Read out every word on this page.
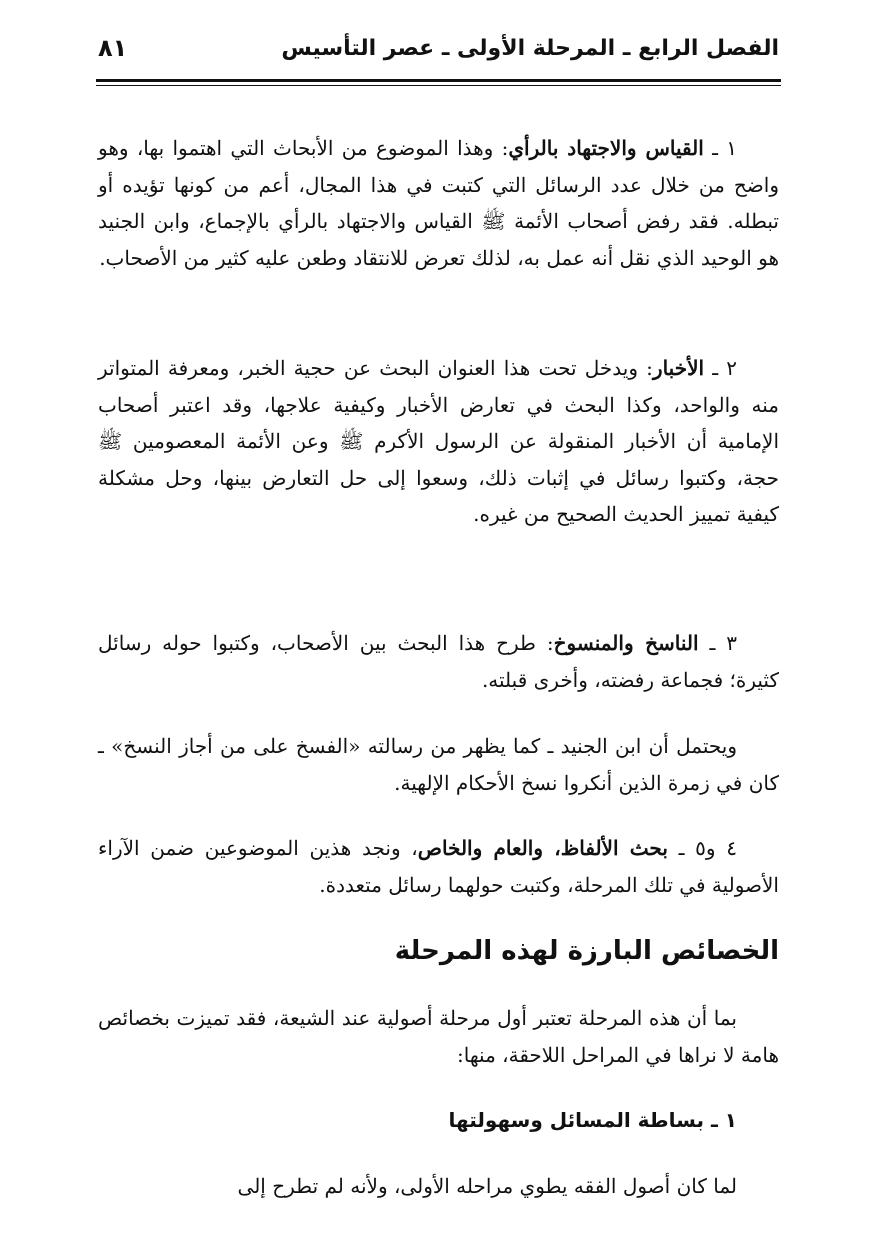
الفصل الرابع ـ المرحلة الأولى ـ عصر التأسيس
٨١

١ ـ القياس والاجتهاد بالرأي: وهذا الموضوع من الأبحاث التي اهتموا بها، وهو واضح من خلال عدد الرسائل التي كتبت في هذا المجال، أعم من كونها تؤيده أو تبطله. فقد رفض أصحاب الأئمة ﷺ القياس والاجتهاد بالرأي بالإجماع، وابن الجنيد هو الوحيد الذي نقل أنه عمل به، لذلك تعرض للانتقاد وطعن عليه كثير من الأصحاب.

٢ ـ الأخبار: ويدخل تحت هذا العنوان البحث عن حجية الخبر، ومعرفة المتواتر منه والواحد، وكذا البحث في تعارض الأخبار وكيفية علاجها، وقد اعتبر أصحاب الإمامية أن الأخبار المنقولة عن الرسول الأكرم ﷺ وعن الأئمة المعصومين ﷺ حجة، وكتبوا رسائل في إثبات ذلك، وسعوا إلى حل التعارض بينها، وحل مشكلة كيفية تمييز الحديث الصحيح من غيره.

٣ ـ الناسخ والمنسوخ: طرح هذا البحث بين الأصحاب، وكتبوا حوله رسائل كثيرة؛ فجماعة رفضته، وأخرى قبلته.

ويحتمل أن ابن الجنيد ـ كما يظهر من رسالته «الفسخ على من أجاز النسخ» ـ كان في زمرة الذين أنكروا نسخ الأحكام الإلهية.

٤ و٥ ـ بحث الألفاظ، والعام والخاص، ونجد هذين الموضوعين ضمن الآراء الأصولية في تلك المرحلة، وكتبت حولهما رسائل متعددة.

الخصائص البارزة لهذه المرحلة

بما أن هذه المرحلة تعتبر أول مرحلة أصولية عند الشيعة، فقد تميزت بخصائص هامة لا نراها في المراحل اللاحقة، منها:

١ ـ بساطة المسائل وسهولتها

لما كان أصول الفقه يطوي مراحله الأولى، ولأنه لم تطرح إلى
